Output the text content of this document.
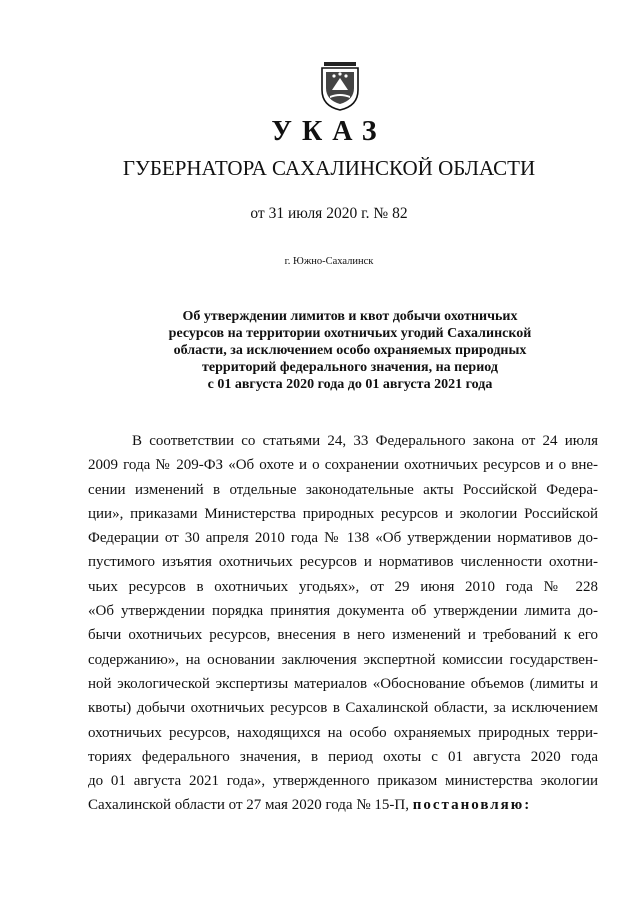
УКАЗ
ГУБЕРНАТОРА САХАЛИНСКОЙ ОБЛАСТИ
от 31 июля 2020 г. № 82
г. Южно-Сахалинск
Об утверждении лимитов и квот добычи охотничьих
ресурсов на территории охотничьих угодий Сахалинской
области, за исключением особо охраняемых природных
территорий федерального значения, на период
с 01 августа 2020 года до 01 августа 2021 года
В соответствии со статьями 24, 33 Федерального закона от 24 июля
2009 года № 209-ФЗ «Об охоте и о сохранении охотничьих ресурсов и о вне-
сении изменений в отдельные законодательные акты Российской Федера-
ции», приказами Министерства природных ресурсов и экологии Российской
Федерации от 30 апреля 2010 года № 138 «Об утверждении нормативов до-
пустимого изъятия охотничьих ресурсов и нормативов численности охотни-
чьих ресурсов в охотничьих угодьях», от 29 июня 2010 года № 228
«Об утверждении порядка принятия документа об утверждении лимита до-
бычи охотничьих ресурсов, внесения в него изменений и требований к его
содержанию», на основании заключения экспертной комиссии государствен-
ной экологической экспертизы материалов «Обоснование объемов (лимиты и
квоты) добычи охотничьих ресурсов в Сахалинской области, за исключением
охотничьих ресурсов, находящихся на особо охраняемых природных терри-
ториях федерального значения, в период охоты с 01 августа 2020 года
до 01 августа 2021 года», утвержденного приказом министерства экологии
Сахалинской области от 27 мая 2020 года № 15-П, постановляю:
